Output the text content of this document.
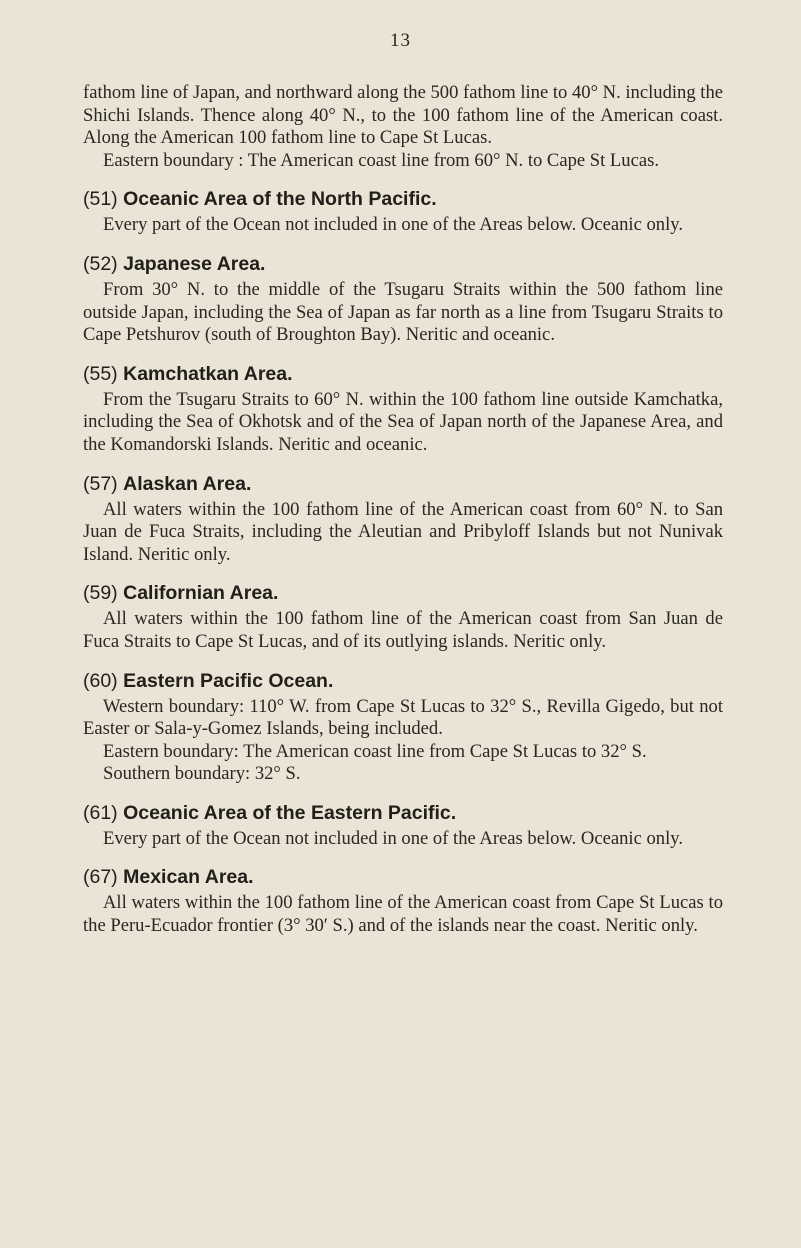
13

fathom line of Japan, and northward along the 500 fathom line to 40° N. including the Shichi Islands. Thence along 40° N., to the 100 fathom line of the American coast. Along the American 100 fathom line to Cape St Lucas.

Eastern boundary : The American coast line from 60° N. to Cape St Lucas.

(51) Oceanic Area of the North Pacific.

Every part of the Ocean not included in one of the Areas below. Oceanic only.

(52) Japanese Area.

From 30° N. to the middle of the Tsugaru Straits within the 500 fathom line outside Japan, including the Sea of Japan as far north as a line from Tsugaru Straits to Cape Petshurov (south of Broughton Bay). Neritic and oceanic.

(55) Kamchatkan Area.

From the Tsugaru Straits to 60° N. within the 100 fathom line outside Kamchatka, including the Sea of Okhotsk and of the Sea of Japan north of the Japanese Area, and the Komandorski Islands. Neritic and oceanic.

(57) Alaskan Area.

All waters within the 100 fathom line of the American coast from 60° N. to San Juan de Fuca Straits, including the Aleutian and Pribyloff Islands but not Nunivak Island. Neritic only.

(59) Californian Area.

All waters within the 100 fathom line of the American coast from San Juan de Fuca Straits to Cape St Lucas, and of its outlying islands. Neritic only.

(60) Eastern Pacific Ocean.

Western boundary: 110° W. from Cape St Lucas to 32° S., Revilla Gigedo, but not Easter or Sala-y-Gomez Islands, being included.

Eastern boundary: The American coast line from Cape St Lucas to 32° S.

Southern boundary: 32° S.

(61) Oceanic Area of the Eastern Pacific.

Every part of the Ocean not included in one of the Areas below. Oceanic only.

(67) Mexican Area.

All waters within the 100 fathom line of the American coast from Cape St Lucas to the Peru-Ecuador frontier (3° 30′ S.) and of the islands near the coast. Neritic only.
